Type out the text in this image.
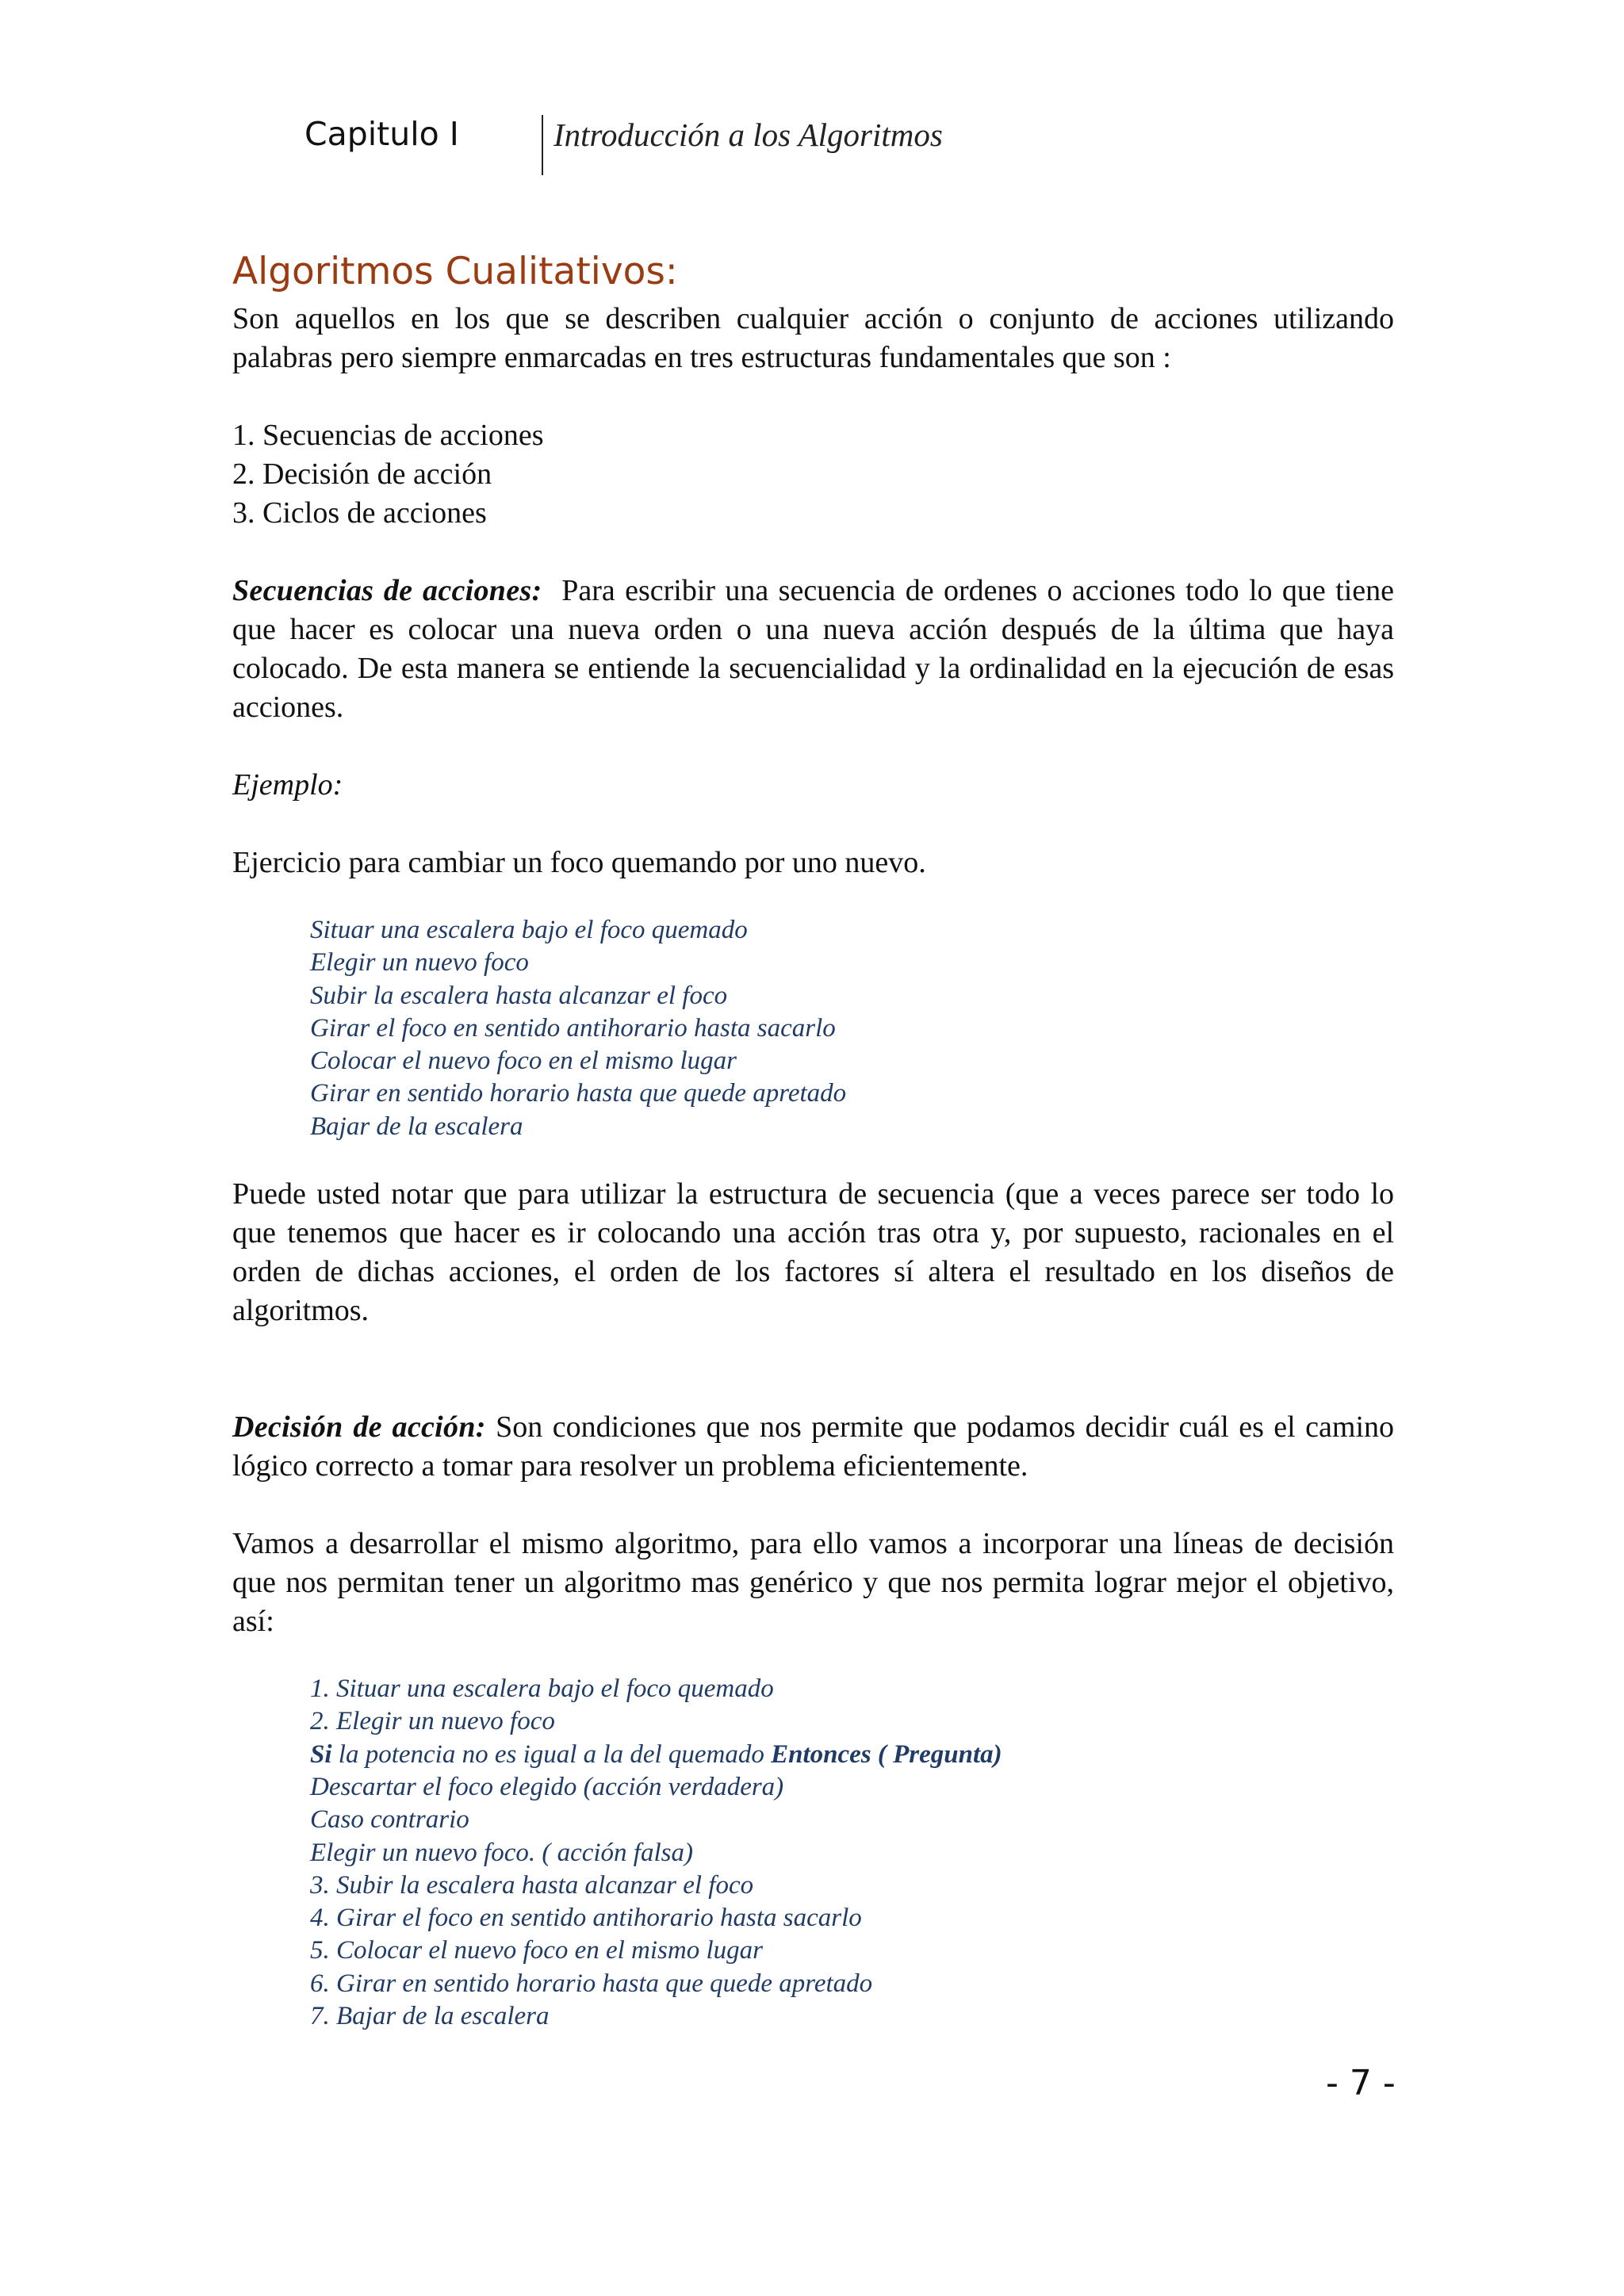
Capitulo I	Introducción a los Algoritmos
Algoritmos Cualitativos:

Son aquellos en los que se describen cualquier acción o conjunto de acciones utilizando palabras pero siempre enmarcadas en tres estructuras fundamentales que son :

1. Secuencias de acciones
2. Decisión de acción
3. Ciclos de acciones

Secuencias de acciones: Para escribir una secuencia de ordenes o acciones todo lo que tiene que hacer es colocar una nueva orden o una nueva acción después de la última que haya colocado. De esta manera se entiende la secuencialidad y la ordinalidad en la ejecución de esas acciones.

Ejemplo:

Ejercicio para cambiar un foco quemando por uno nuevo.

Situar una escalera bajo el foco quemado
Elegir un nuevo foco
Subir la escalera hasta alcanzar el foco
Girar el foco en sentido antihorario hasta sacarlo
Colocar el nuevo foco en el mismo lugar
Girar en sentido horario hasta que quede apretado
Bajar de la escalera

Puede usted notar que para utilizar la estructura de secuencia (que a veces parece ser todo lo que tenemos que hacer es ir colocando una acción tras otra y, por supuesto, racionales en el orden de dichas acciones, el orden de los factores sí altera el resultado en los diseños de algoritmos.

Decisión de acción: Son condiciones que nos permite que podamos decidir cuál es el camino lógico correcto a tomar para resolver un problema eficientemente.

Vamos a desarrollar el mismo algoritmo, para ello vamos a incorporar una líneas de decisión que nos permitan tener un algoritmo mas genérico y que nos permita lograr mejor el objetivo, así:

1. Situar una escalera bajo el foco quemado
2. Elegir un nuevo foco
Si la potencia no es igual a la del quemado Entonces ( Pregunta)
Descartar el foco elegido (acción verdadera)
Caso contrario
Elegir un nuevo foco. ( acción falsa)
3. Subir la escalera hasta alcanzar el foco
4. Girar el foco en sentido antihorario hasta sacarlo
5. Colocar el nuevo foco en el mismo lugar
6. Girar en sentido horario hasta que quede apretado
7. Bajar de la escalera
- 7 -
